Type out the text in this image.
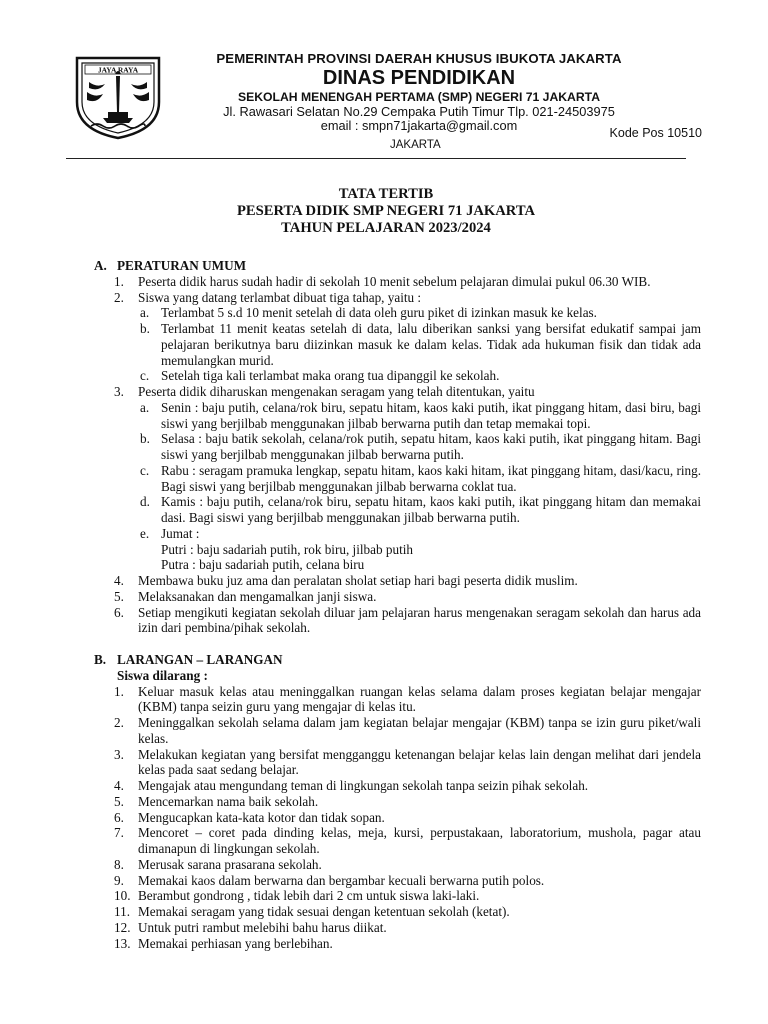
JAYA RAYA
PEMERINTAH PROVINSI DAERAH KHUSUS IBUKOTA JAKARTA
DINAS PENDIDIKAN
SEKOLAH MENENGAH PERTAMA (SMP) NEGERI 71 JAKARTA
Jl. Rawasari Selatan No.29 Cempaka Putih Timur Tlp. 021-24503975
email : smpn71jakarta@gmail.com	Kode Pos 10510
JAKARTA
TATA TERTIB
PESERTA DIDIK SMP NEGERI 71 JAKARTA
TAHUN PELAJARAN 2023/2024
A. PERATURAN UMUM
1. Peserta didik harus sudah hadir di sekolah 10 menit sebelum pelajaran dimulai pukul 06.30 WIB.
2. Siswa yang datang terlambat dibuat tiga tahap, yaitu :
a. Terlambat 5 s.d 10 menit setelah di data oleh guru piket di izinkan masuk ke kelas.
b. Terlambat 11 menit keatas setelah di data, lalu diberikan sanksi yang bersifat edukatif sampai jam pelajaran berikutnya baru diizinkan masuk ke dalam kelas. Tidak ada hukuman fisik dan tidak ada memulangkan murid.
c. Setelah tiga kali terlambat maka orang tua dipanggil ke sekolah.
3. Peserta didik diharuskan mengenakan seragam yang telah ditentukan, yaitu
a. Senin : baju putih, celana/rok biru, sepatu hitam, kaos kaki putih, ikat pinggang hitam, dasi biru, bagi siswi yang berjilbab menggunakan jilbab berwarna putih dan tetap memakai topi.
b. Selasa : baju batik sekolah, celana/rok putih, sepatu hitam, kaos kaki putih, ikat pinggang hitam. Bagi siswi yang berjilbab menggunakan jilbab berwarna putih.
c. Rabu : seragam pramuka lengkap, sepatu hitam, kaos kaki hitam, ikat pinggang hitam, dasi/kacu, ring. Bagi siswi yang berjilbab menggunakan jilbab berwarna coklat tua.
d. Kamis : baju putih, celana/rok biru, sepatu hitam, kaos kaki putih, ikat pinggang hitam dan memakai dasi. Bagi siswi yang berjilbab menggunakan jilbab berwarna putih.
e. Jumat :
Putri : baju sadariah putih, rok biru, jilbab putih
Putra : baju sadariah putih, celana biru
4. Membawa buku juz ama dan peralatan sholat setiap hari bagi peserta didik muslim.
5. Melaksanakan dan mengamalkan janji siswa.
6. Setiap mengikuti kegiatan sekolah diluar jam pelajaran harus mengenakan seragam sekolah dan harus ada izin dari pembina/pihak sekolah.
B. LARANGAN – LARANGAN
Siswa dilarang :
1. Keluar masuk kelas atau meninggalkan ruangan kelas selama dalam proses kegiatan belajar mengajar (KBM) tanpa seizin guru yang mengajar di kelas itu.
2. Meninggalkan sekolah selama dalam jam kegiatan belajar mengajar (KBM) tanpa se izin guru piket/wali kelas.
3. Melakukan kegiatan yang bersifat mengganggu ketenangan belajar kelas lain dengan melihat dari jendela kelas pada saat sedang belajar.
4. Mengajak atau mengundang teman di lingkungan sekolah tanpa seizin pihak sekolah.
5. Mencemarkan nama baik sekolah.
6. Mengucapkan kata-kata kotor dan tidak sopan.
7. Mencoret – coret pada dinding kelas, meja, kursi, perpustakaan, laboratorium, mushola, pagar atau dimanapun di lingkungan sekolah.
8. Merusak sarana prasarana sekolah.
9. Memakai kaos dalam berwarna dan bergambar kecuali berwarna putih polos.
10. Berambut gondrong , tidak lebih dari 2 cm untuk siswa laki-laki.
11. Memakai seragam yang tidak sesuai dengan ketentuan sekolah (ketat).
12. Untuk putri rambut melebihi bahu harus diikat.
13. Memakai perhiasan yang berlebihan.
